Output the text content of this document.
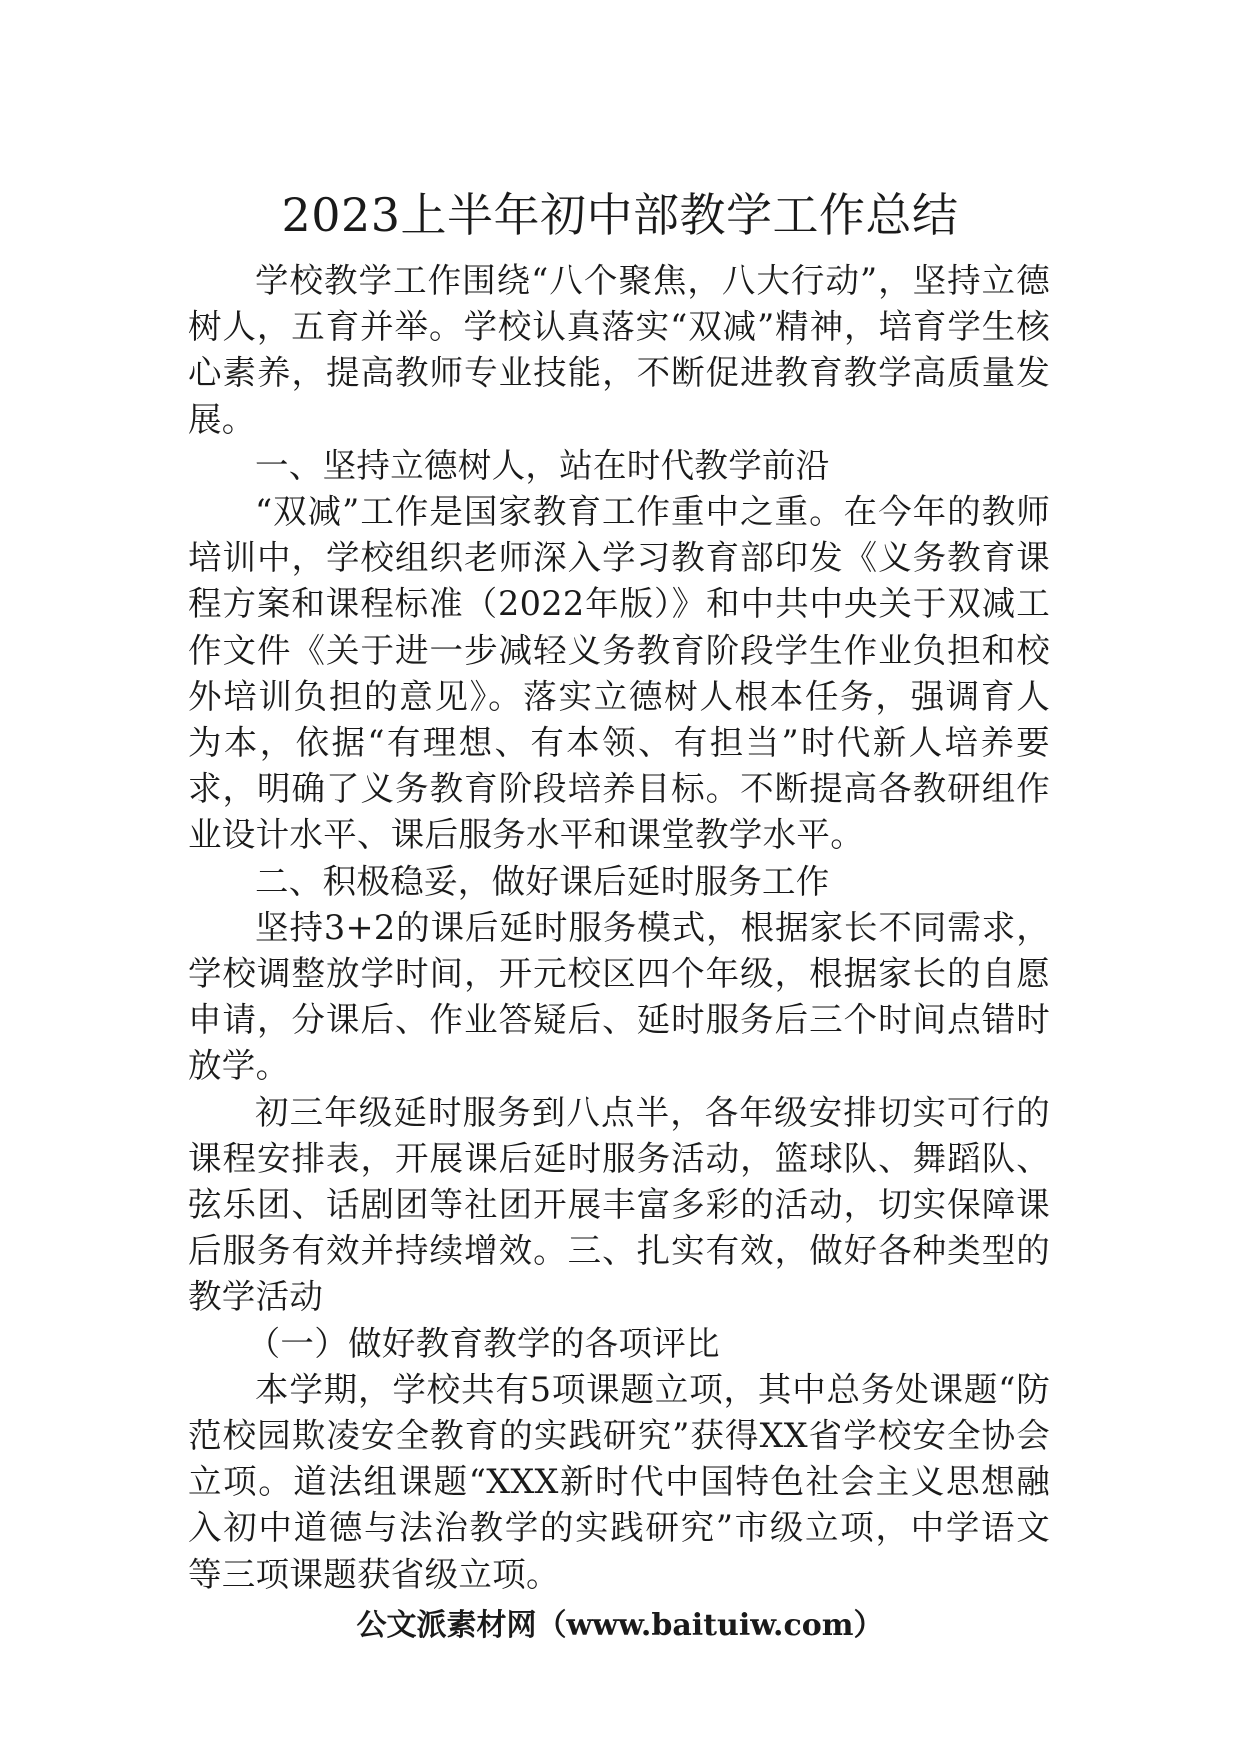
2023上半年初中部教学工作总结

学校教学工作围绕“八个聚焦，八大行动”，坚持立德树人，五育并举。学校认真落实“双减”精神，培育学生核心素养，提高教师专业技能，不断促进教育教学高质量发展。

一、坚持立德树人，站在时代教学前沿

“双减”工作是国家教育工作重中之重。在今年的教师培训中，学校组织老师深入学习教育部印发《义务教育课程方案和课程标准（2022年版）》和中共中央关于双减工作文件《关于进一步减轻义务教育阶段学生作业负担和校外培训负担的意见》。落实立德树人根本任务，强调育人为本，依据“有理想、有本领、有担当”时代新人培养要求，明确了义务教育阶段培养目标。不断提高各教研组作业设计水平、课后服务水平和课堂教学水平。

二、积极稳妥，做好课后延时服务工作

坚持3+2的课后延时服务模式，根据家长不同需求，学校调整放学时间，开元校区四个年级，根据家长的自愿申请，分课后、作业答疑后、延时服务后三个时间点错时放学。

初三年级延时服务到八点半，各年级安排切实可行的课程安排表，开展课后延时服务活动，篮球队、舞蹈队、弦乐团、话剧团等社团开展丰富多彩的活动，切实保障课后服务有效并持续增效。三、扎实有效，做好各种类型的教学活动

（一）做好教育教学的各项评比

本学期，学校共有5项课题立项，其中总务处课题“防范校园欺凌安全教育的实践研究”获得XX省学校安全协会立项。道法组课题“XXX新时代中国特色社会主义思想融入初中道德与法治教学的实践研究”市级立项，中学语文等三项课题获省级立项。

公文派素材网（www.baituiw.com）
